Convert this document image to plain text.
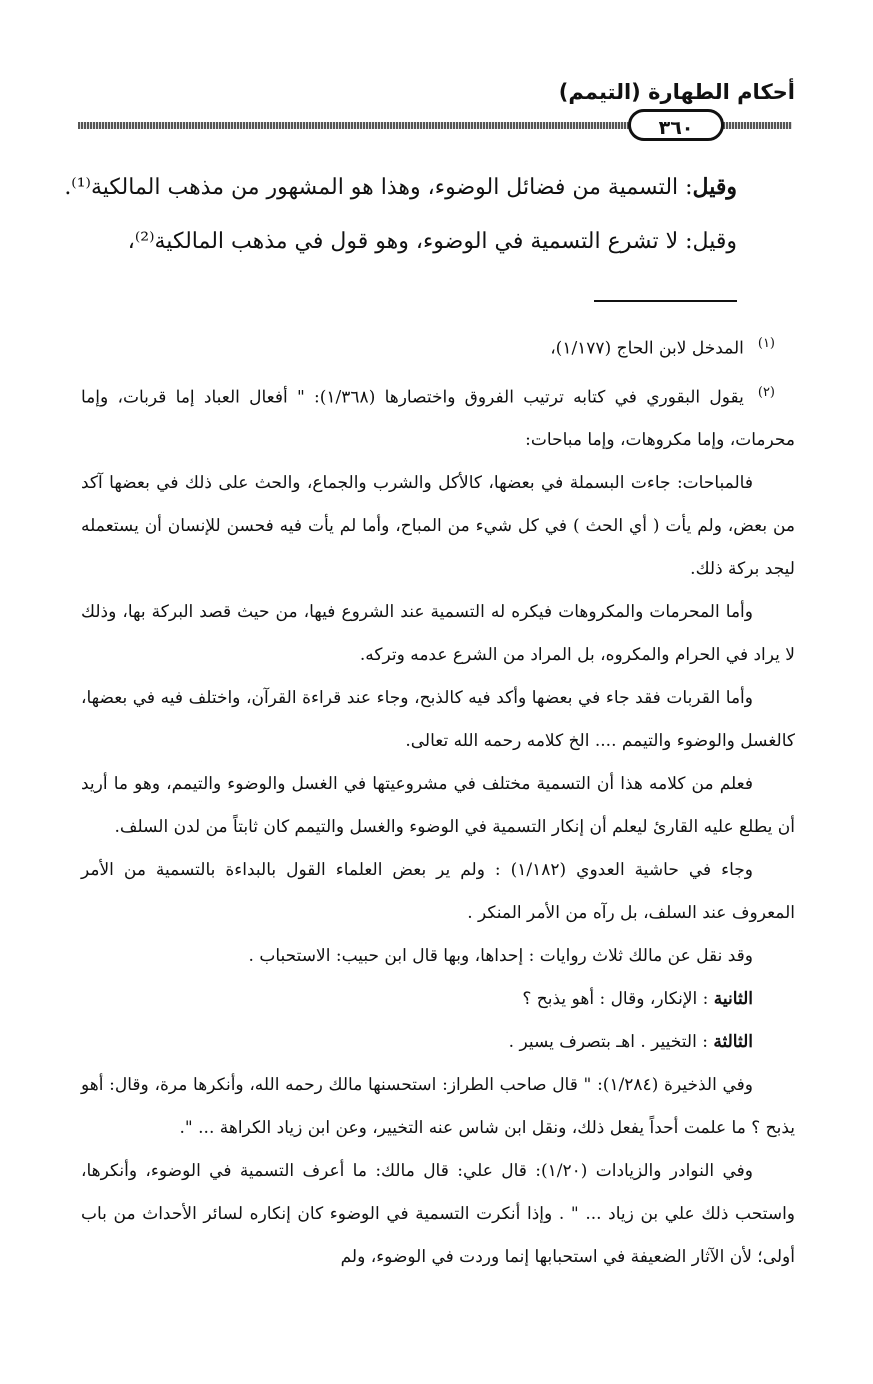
أحكام الطهارة (التيمم)
٣٦٠

وقيل: التسمية من فضائل الوضوء، وهذا هو المشهور من مذهب المالكية⁽¹⁾.

وقيل: لا تشرع التسمية في الوضوء، وهو قول في مذهب المالكية⁽²⁾،

$^{(١)}$المدخل لابن الحاج (١/١٧٧)،

$^{(٢)}$يقول البقوري في كتابه ترتيب الفروق واختصارها (١/٣٦٨): " أفعال العباد إما قربات، وإما محرمات، وإما مكروهات، وإما مباحات:

فالمباحات: جاءت البسملة في بعضها، كالأكل والشرب والجماع، والحث على ذلك في بعضها آكد من بعض، ولم يأت ( أي الحث ) في كل شيء من المباح، وأما لم يأت فيه فحسن للإنسان أن يستعمله ليجد بركة ذلك.

وأما المحرمات والمكروهات فيكره له التسمية عند الشروع فيها، من حيث قصد البركة بها، وذلك لا يراد في الحرام والمكروه، بل المراد من الشرع عدمه وتركه.

وأما القربات فقد جاء في بعضها وأكد فيه كالذبح، وجاء عند قراءة القرآن، واختلف فيه في بعضها، كالغسل والوضوء والتيمم .... الخ كلامه رحمه الله تعالى.

فعلم من كلامه هذا أن التسمية مختلف في مشروعيتها في الغسل والوضوء والتيمم، وهو ما أريد أن يطلع عليه القارئ ليعلم أن إنكار التسمية في الوضوء والغسل والتيمم كان ثابتاً من لدن السلف.

وجاء في حاشية العدوي (١/١٨٢) : ولم ير بعض العلماء القول بالبداءة بالتسمية من الأمر المعروف عند السلف، بل رآه من الأمر المنكر .

وقد نقل عن مالك ثلاث روايات : إحداها، وبها قال ابن حبيب: الاستحباب .

الثانية : الإنكار، وقال : أهو يذبح ؟

الثالثة : التخيير . اهـ بتصرف يسير .

وفي الذخيرة (١/٢٨٤): " قال صاحب الطراز: استحسنها مالك رحمه الله، وأنكرها مرة، وقال: أهو يذبح ؟ ما علمت أحداً يفعل ذلك، ونقل ابن شاس عنه التخيير، وعن ابن زياد الكراهة ... ".

وفي النوادر والزيادات (١/٢٠): قال علي: قال مالك: ما أعرف التسمية في الوضوء، وأنكرها، واستحب ذلك علي بن زياد ... " . وإذا أنكرت التسمية في الوضوء كان إنكاره لسائر الأحداث من باب أولى؛ لأن الآثار الضعيفة في استحبابها إنما وردت في الوضوء، ولم
